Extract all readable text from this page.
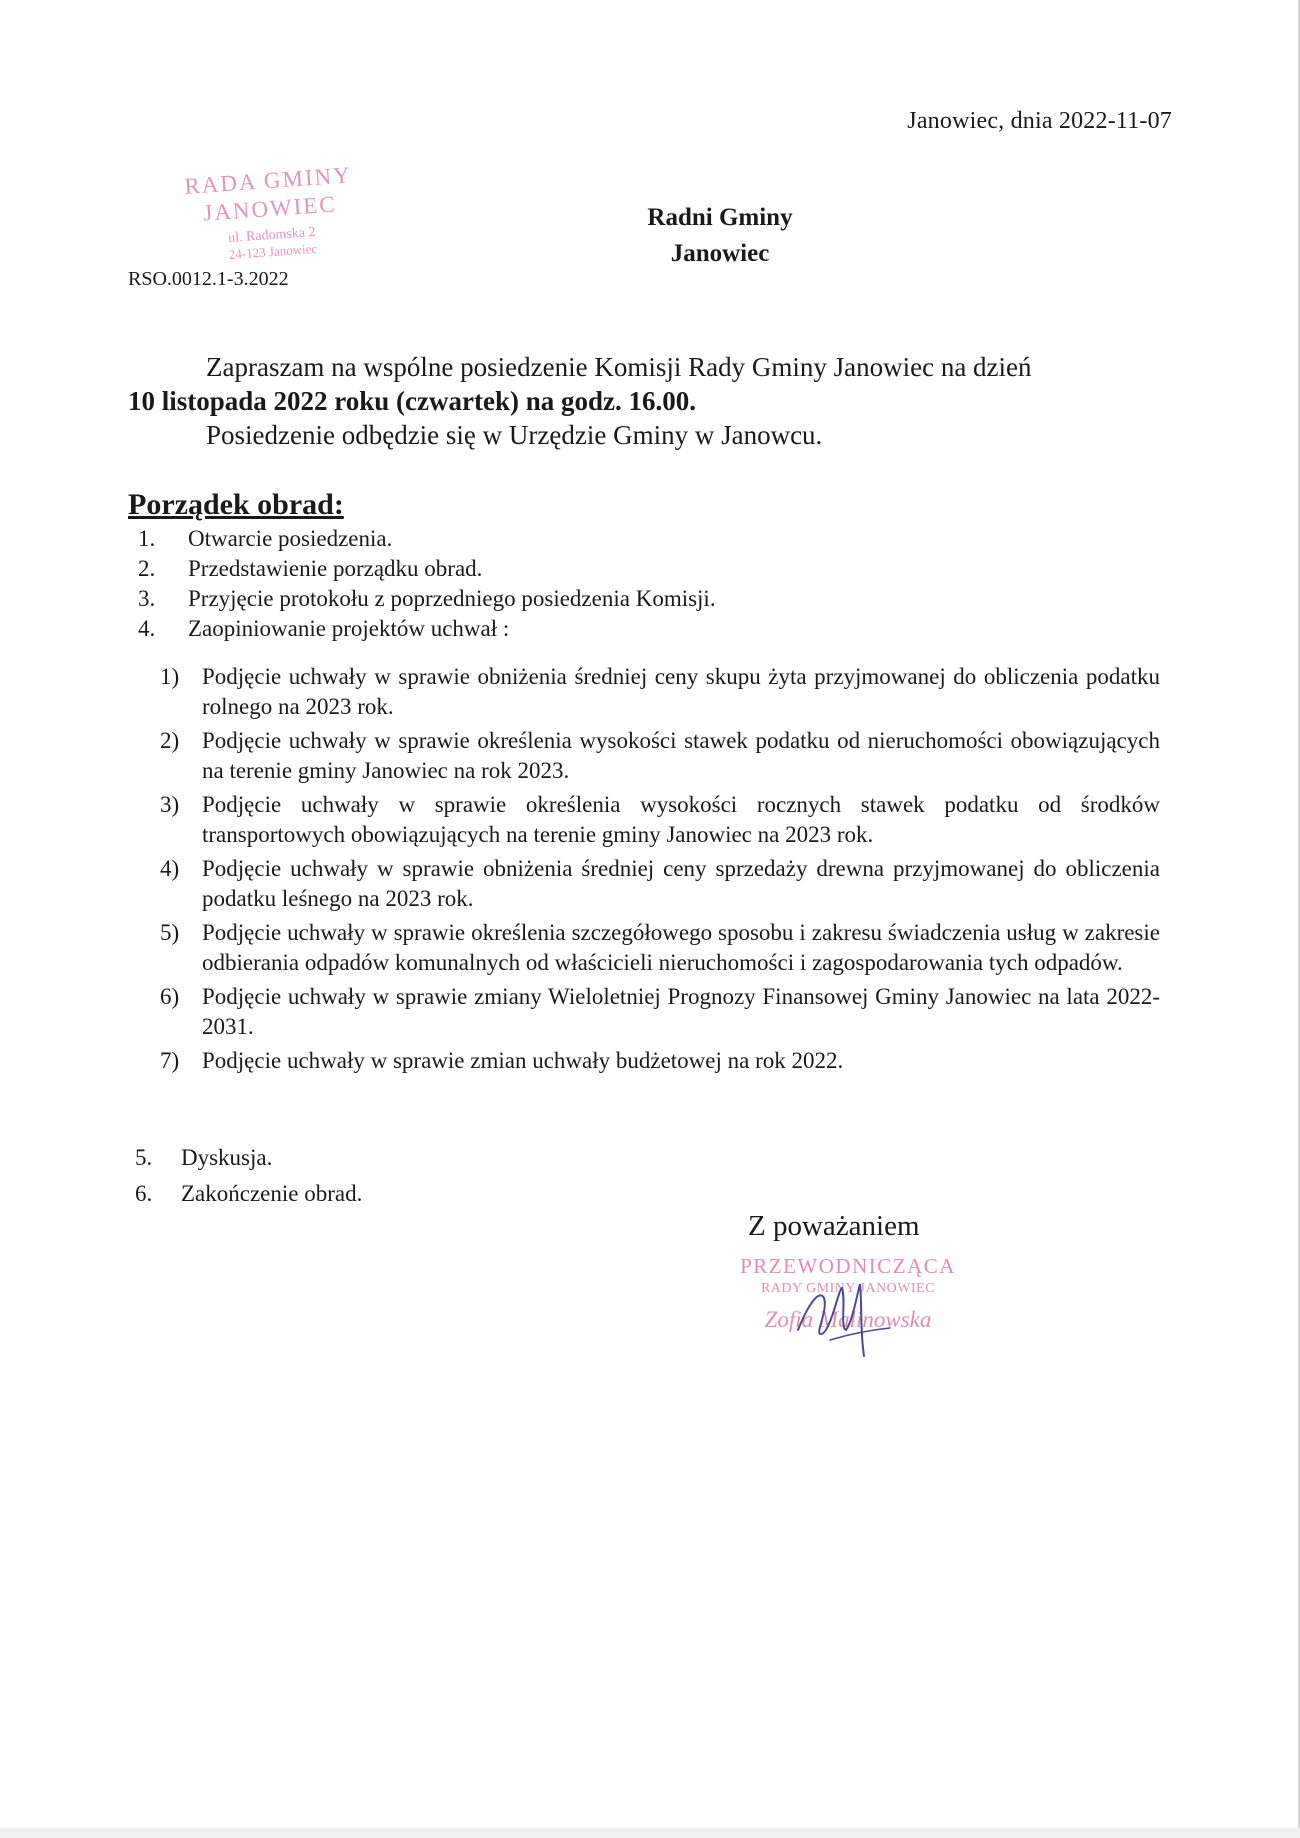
Janowiec, dnia 2022-11-07
RADA GMINY
JANOWIEC
ul. Radomska 2
24-123 Janowiec
RSO.0012.1-3.2022
Radni Gminy
Janowiec
Zapraszam na wspólne posiedzenie Komisji Rady Gminy Janowiec na dzień
10 listopada 2022 roku (czwartek) na godz. 16.00.
Posiedzenie odbędzie się w Urzędzie Gminy w Janowcu.
Porządek obrad:
1.	Otwarcie posiedzenia.
2.	Przedstawienie porządku obrad.
3.	Przyjęcie protokołu z poprzedniego posiedzenia Komisji.
4.	Zaopiniowanie projektów uchwał :
1) Podjęcie uchwały w sprawie obniżenia średniej ceny skupu żyta przyjmowanej do obliczenia podatku rolnego na 2023 rok.
2) Podjęcie uchwały w sprawie określenia wysokości stawek podatku od nieruchomości obowiązujących na terenie gminy Janowiec na rok 2023.
3) Podjęcie uchwały w sprawie określenia wysokości rocznych stawek podatku od środków transportowych obowiązujących na terenie gminy Janowiec na 2023 rok.
4) Podjęcie uchwały w sprawie obniżenia średniej ceny sprzedaży drewna przyjmowanej do obliczenia podatku leśnego na 2023 rok.
5) Podjęcie uchwały w sprawie określenia szczegółowego sposobu i zakresu świadczenia usług w zakresie odbierania odpadów komunalnych od właścicieli nieruchomości i zagospodarowania tych odpadów.
6) Podjęcie uchwały w sprawie zmiany Wieloletniej Prognozy Finansowej Gminy Janowiec na lata 2022-2031.
7) Podjęcie uchwały w sprawie zmian uchwały budżetowej na rok 2022.
5.	Dyskusja.
6.	Zakończenie obrad.
Z poważaniem
PRZEWODNICZĄCA
RADY GMINY JANOWIEC
Zofia Malinowska
